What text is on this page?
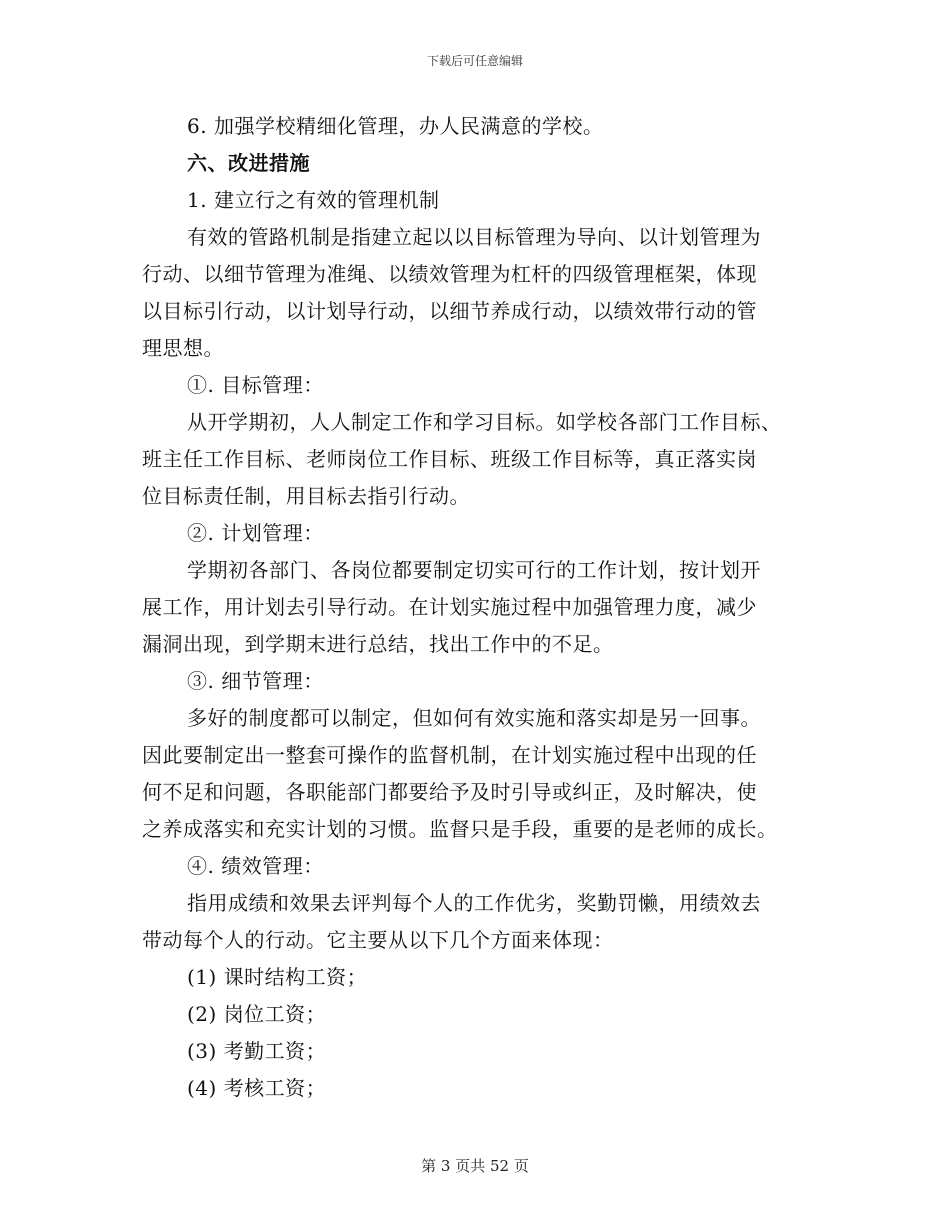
下载后可任意编辑
6. 加强学校精细化管理，办人民满意的学校。
六、改进措施
1. 建立行之有效的管理机制
有效的管路机制是指建立起以以目标管理为导向、以计划管理为
行动、以细节管理为准绳、以绩效管理为杠杆的四级管理框架，体现
以目标引行动，以计划导行动，以细节养成行动，以绩效带行动的管
理思想。
①. 目标管理：
从开学期初，人人制定工作和学习目标。如学校各部门工作目标、
班主任工作目标、老师岗位工作目标、班级工作目标等，真正落实岗
位目标责任制，用目标去指引行动。
②. 计划管理：
学期初各部门、各岗位都要制定切实可行的工作计划，按计划开
展工作，用计划去引导行动。在计划实施过程中加强管理力度，减少
漏洞出现，到学期末进行总结，找出工作中的不足。
③. 细节管理：
多好的制度都可以制定，但如何有效实施和落实却是另一回事。
因此要制定出一整套可操作的监督机制，在计划实施过程中出现的任
何不足和问题，各职能部门都要给予及时引导或纠正，及时解决，使
之养成落实和充实计划的习惯。监督只是手段，重要的是老师的成长。
④. 绩效管理：
指用成绩和效果去评判每个人的工作优劣，奖勤罚懒，用绩效去
带动每个人的行动。它主要从以下几个方面来体现：
(1) 课时结构工资；
(2) 岗位工资；
(3) 考勤工资；
(4) 考核工资；
第 3 页共 52 页
